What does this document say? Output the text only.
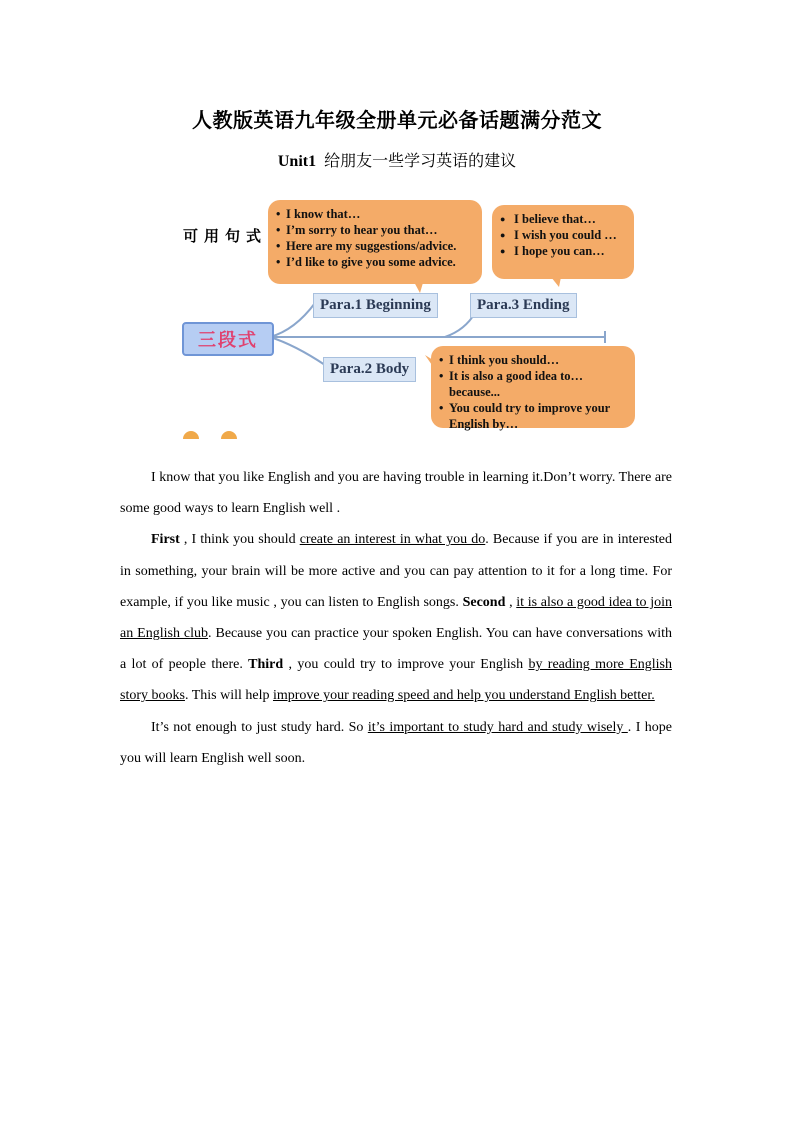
人教版英语九年级全册单元必备话题满分范文
Unit1 给朋友一些学习英语的建议
可用句式
• I know that…
• I’m sorry to hear you that…
• Here are my suggestions/advice.
• I’d like to give you some advice.
● I believe that…
● I wish you could …
● I hope you can…
Para.1 Beginning	Para.3 Ending
Para.2 Body
三段式
• I think you should…
• It is also a good idea to…
because...
• You could try to improve your
English by…

I know that you like English and you are having trouble in learning it.Don’t worry. There are some good ways to learn English well .

First , I think you should create an interest in what you do. Because if you are in interested in something, your brain will be more active and you can pay attention to it for a long time. For example, if you like music , you can listen to English songs. Second , it is also a good idea to join an English club. Because you can practice your spoken English. You can have conversations with a lot of people there. Third , you could try to improve your English by reading more English story books. This will help improve your reading speed and help you understand English better.

It’s not enough to just study hard. So it’s important to study hard and study wisely . I hope you will learn English well soon.
